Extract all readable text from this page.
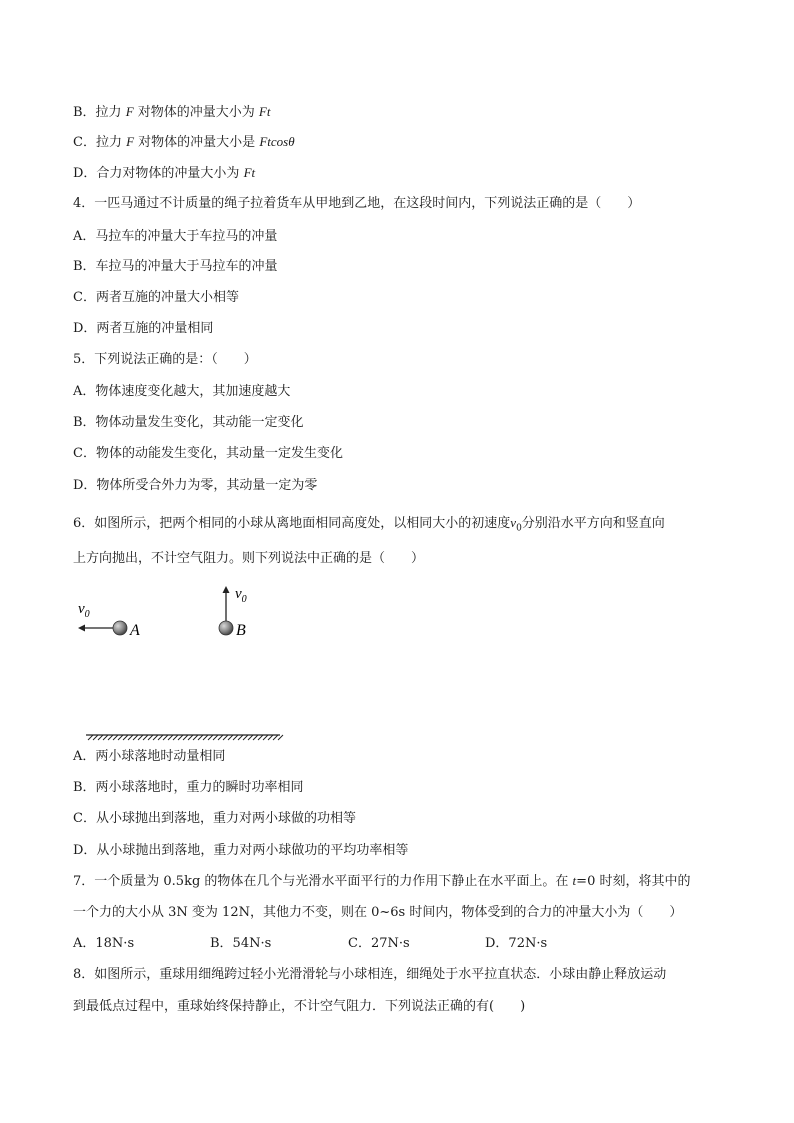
B．拉力 F 对物体的冲量大小为 Ft
C．拉力 F 对物体的冲量大小是 Ftcosθ
D．合力对物体的冲量大小为 Ft
4．一匹马通过不计质量的绳子拉着货车从甲地到乙地，在这段时间内，下列说法正确的是（　　）
A．马拉车的冲量大于车拉马的冲量
B．车拉马的冲量大于马拉车的冲量
C．两者互施的冲量大小相等
D．两者互施的冲量相同
5．下列说法正确的是：（　　）
A．物体速度变化越大，其加速度越大
B．物体动量发生变化，其动能一定变化
C．物体的动能发生变化，其动量一定发生变化
D．物体所受合外力为零，其动量一定为零
6．如图所示，把两个相同的小球从离地面相同高度处，以相同大小的初速度$v_0$分别沿水平方向和竖直向
上方向抛出，不计空气阻力。则下列说法中正确的是（　　）
$v_0$
A
$v_0$
B
A．两小球落地时动量相同
B．两小球落地时，重力的瞬时功率相同
C．从小球抛出到落地，重力对两小球做的功相等
D．从小球抛出到落地，重力对两小球做功的平均功率相等
7．一个质量为 0.5kg 的物体在几个与光滑水平面平行的力作用下静止在水平面上。在 t=0 时刻，将其中的
一个力的大小从 3N 变为 12N，其他力不变，则在 0~6s 时间内，物体受到的合力的冲量大小为（　　）
A．18N·s	B．54N·s	C．27N·s	D．72N·s
8．如图所示，重球用细绳跨过轻小光滑滑轮与小球相连，细绳处于水平拉直状态．小球由静止释放运动
到最低点过程中，重球始终保持静止，不计空气阻力．下列说法正确的有(　　)
